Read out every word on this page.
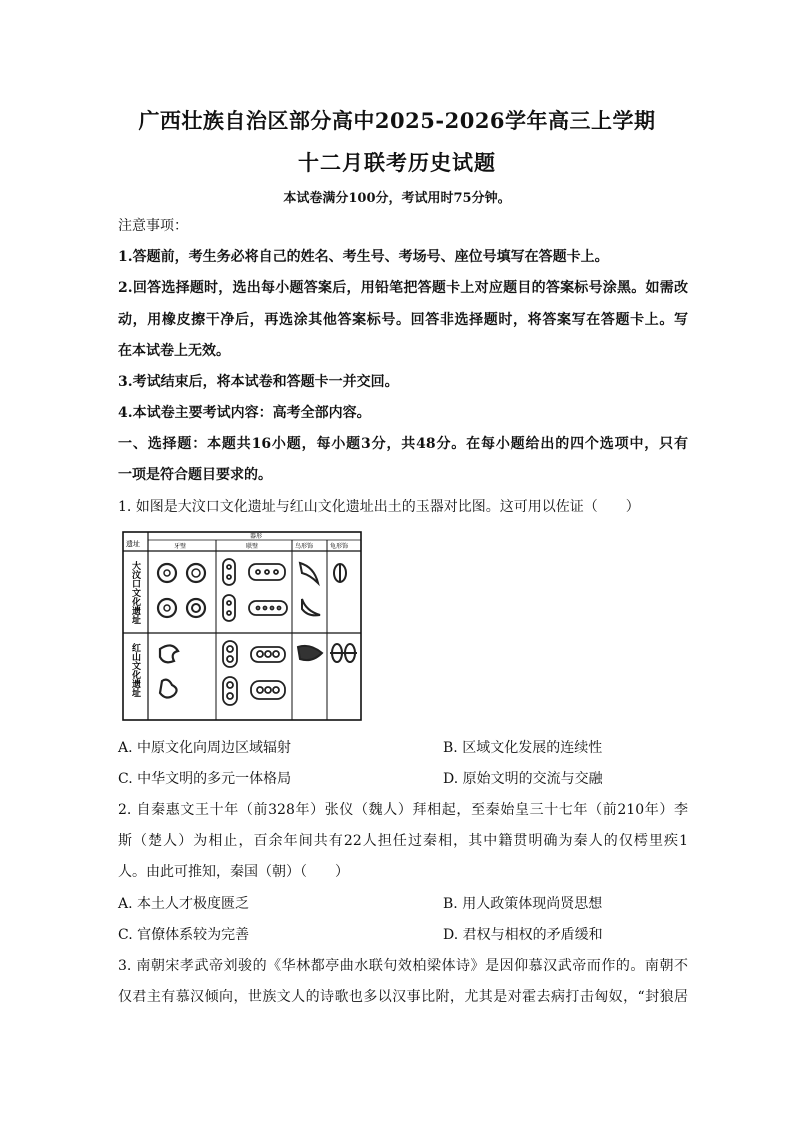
广西壮族自治区部分高中2025-2026学年高三上学期
十二月联考历史试题
本试卷满分100分，考试用时75分钟。
注意事项：
1.答题前，考生务必将自己的姓名、考生号、考场号、座位号填写在答题卡上。
2.回答选择题时，选出每小题答案后，用铅笔把答题卡上对应题目的答案标号涂黑。如需改
动，用橡皮擦干净后，再选涂其他答案标号。回答非选择题时，将答案写在答题卡上。写
在本试卷上无效。
3.考试结束后，将本试卷和答题卡一并交回。
4.本试卷主要考试内容：高考全部内容。
一、选择题：本题共16小题，每小题3分，共48分。在每小题给出的四个选项中，只有
一项是符合题目要求的。
1. 如图是大汶口文化遗址与红山文化遗址出土的玉器对比图。这可用以佐证（　　）
遗址
器形
牙璧	联璧	鸟形饰	龟形饰
大汶口文化遗址
红山文化遗址
A. 中原文化向周边区域辐射	B. 区域文化发展的连续性
C. 中华文明的多元一体格局	D. 原始文明的交流与交融
2. 自秦惠文王十年（前328年）张仪（魏人）拜相起，至秦始皇三十七年（前210年）李
斯（楚人）为相止，百余年间共有22人担任过秦相，其中籍贯明确为秦人的仅樗里疾1
人。由此可推知，秦国（朝）（　　）
A. 本土人才极度匮乏	B. 用人政策体现尚贤思想
C. 官僚体系较为完善	D. 君权与相权的矛盾缓和
3. 南朝宋孝武帝刘骏的《华林都亭曲水联句效柏梁体诗》是因仰慕汉武帝而作的。南朝不
仅君主有慕汉倾向，世族文人的诗歌也多以汉事比附，尤其是对霍去病打击匈奴，“封狼居
